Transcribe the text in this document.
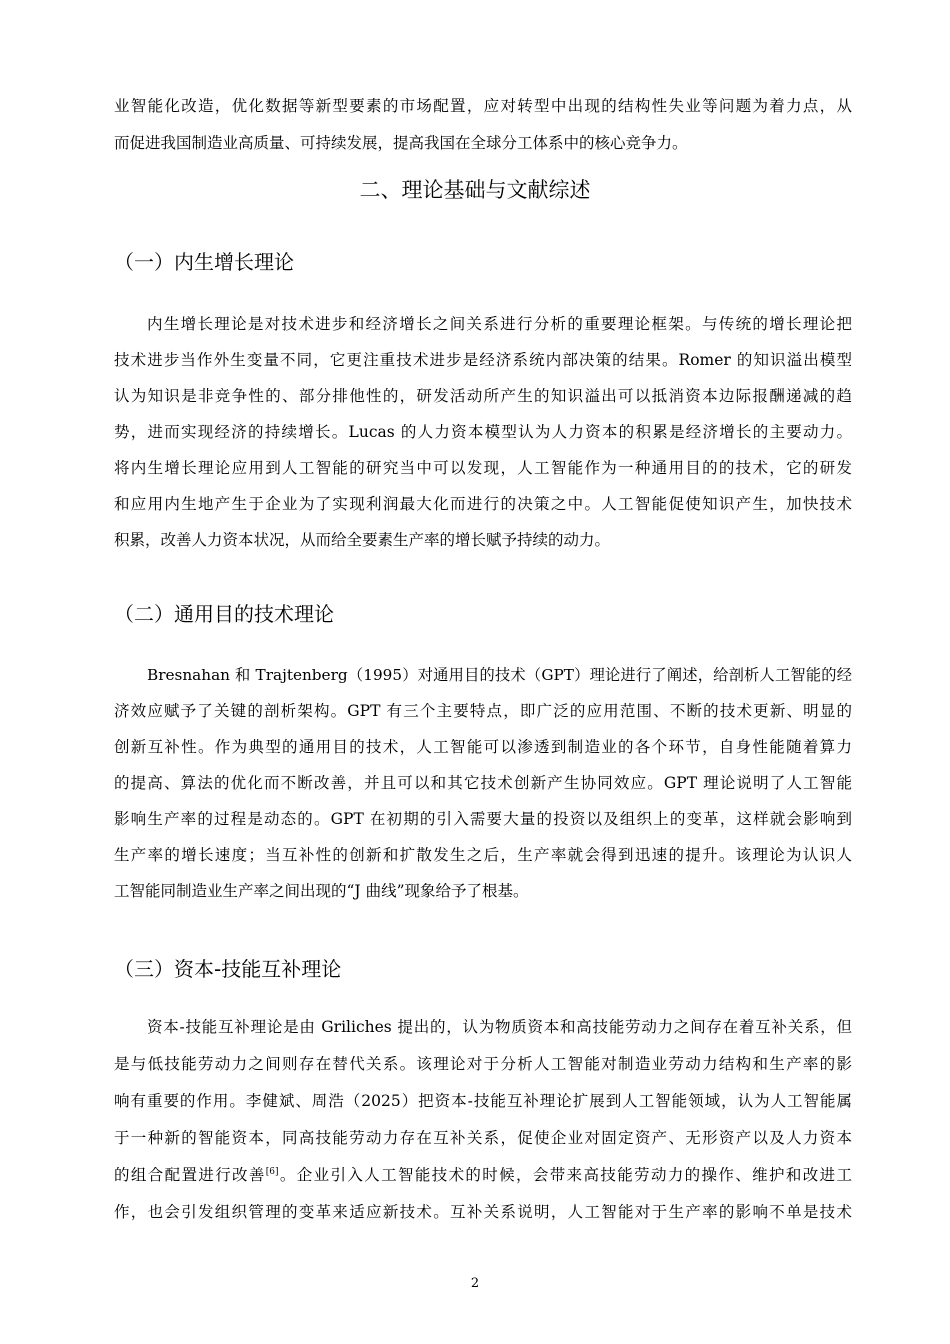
业智能化改造，优化数据等新型要素的市场配置，应对转型中出现的结构性失业等问题为着力点，从
而促进我国制造业高质量、可持续发展，提高我国在全球分工体系中的核心竞争力。
二、理论基础与文献综述
（一）内生增长理论
内生增长理论是对技术进步和经济增长之间关系进行分析的重要理论框架。与传统的增长理论把
技术进步当作外生变量不同，它更注重技术进步是经济系统内部决策的结果。Romer 的知识溢出模型
认为知识是非竞争性的、部分排他性的，研发活动所产生的知识溢出可以抵消资本边际报酬递减的趋
势，进而实现经济的持续增长。Lucas 的人力资本模型认为人力资本的积累是经济增长的主要动力。
将内生增长理论应用到人工智能的研究当中可以发现，人工智能作为一种通用目的的技术，它的研发
和应用内生地产生于企业为了实现利润最大化而进行的决策之中。人工智能促使知识产生，加快技术
积累，改善人力资本状况，从而给全要素生产率的增长赋予持续的动力。
（二）通用目的技术理论
Bresnahan 和 Trajtenberg（1995）对通用目的技术（GPT）理论进行了阐述，给剖析人工智能的经
济效应赋予了关键的剖析架构。GPT 有三个主要特点，即广泛的应用范围、不断的技术更新、明显的
创新互补性。作为典型的通用目的技术，人工智能可以渗透到制造业的各个环节，自身性能随着算力
的提高、算法的优化而不断改善，并且可以和其它技术创新产生协同效应。GPT 理论说明了人工智能
影响生产率的过程是动态的。GPT 在初期的引入需要大量的投资以及组织上的变革，这样就会影响到
生产率的增长速度；当互补性的创新和扩散发生之后，生产率就会得到迅速的提升。该理论为认识人
工智能同制造业生产率之间出现的“J 曲线”现象给予了根基。
（三）资本-技能互补理论
资本-技能互补理论是由 Griliches 提出的，认为物质资本和高技能劳动力之间存在着互补关系，但
是与低技能劳动力之间则存在替代关系。该理论对于分析人工智能对制造业劳动力结构和生产率的影
响有重要的作用。李健斌、周浩（2025）把资本-技能互补理论扩展到人工智能领域，认为人工智能属
于一种新的智能资本，同高技能劳动力存在互补关系，促使企业对固定资产、无形资产以及人力资本
的组合配置进行改善[6]。企业引入人工智能技术的时候，会带来高技能劳动力的操作、维护和改进工
作，也会引发组织管理的变革来适应新技术。互补关系说明，人工智能对于生产率的影响不单是技术
2
